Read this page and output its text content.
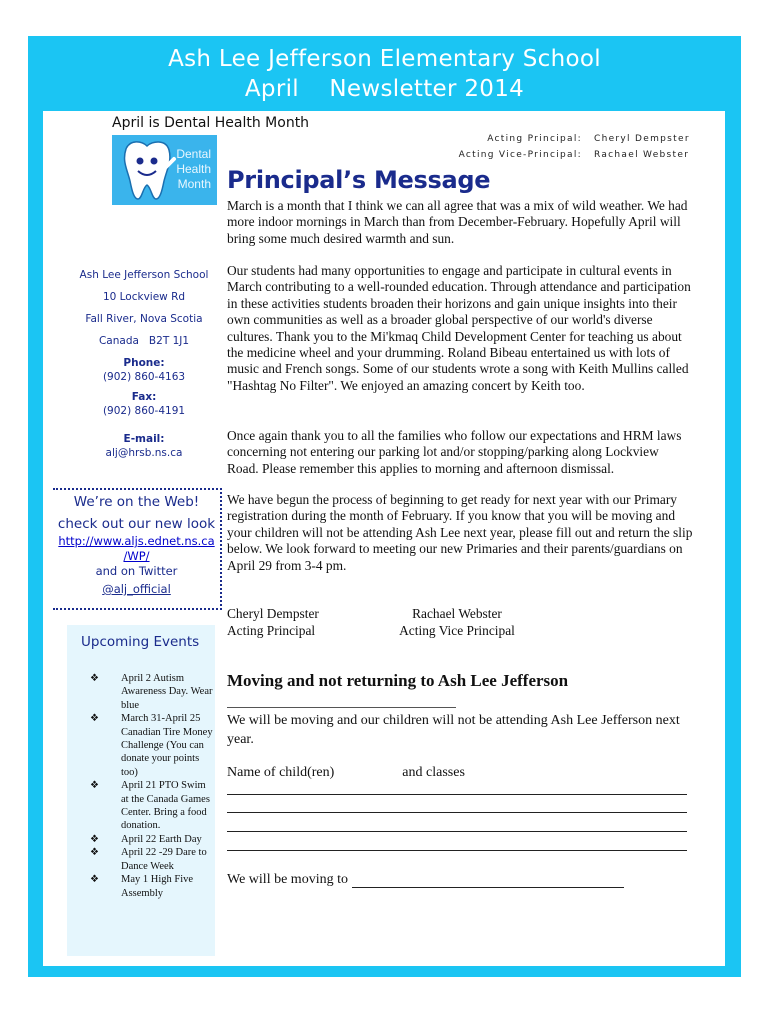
Ash Lee Jefferson Elementary School
April    Newsletter 2014
April is Dental Health Month
Dental
Health
Month
Acting Principal:
Acting Vice-Principal:
Cheryl Dempster
Rachael Webster
Principal’s Message
March is a month that I think we can all agree that was a mix of wild weather. We had more indoor mornings in March than from December-February. Hopefully April will bring some much desired warmth and sun.
Our students had many opportunities to engage and participate in cultural events in March contributing to a well-rounded education. Through attendance and participation in these activities students broaden their horizons and gain unique insights into their own communities as well as a broader global perspective of our world's diverse cultures. Thank you to the Mi'kmaq Child Development Center for teaching us about the medicine wheel and your drumming. Roland Bibeau entertained us with lots of music and French songs. Some of our students wrote a song with Keith Mullins called "Hashtag No Filter". We enjoyed an amazing concert by Keith too.
Once again thank you to all the families who follow our expectations and HRM laws concerning not entering our parking lot and/or stopping/parking along Lockview Road. Please remember this applies to morning and afternoon dismissal.
We have begun the process of beginning to get ready for next year with our Primary registration during the month of February. If you know that you will be moving and your children will not be attending Ash Lee next year, please fill out and return the slip below. We look forward to meeting our new Primaries and their parents/guardians on April 29 from 3-4 pm.
Cheryl Dempster
Acting Principal
Rachael Webster
Acting Vice Principal
Ash Lee Jefferson School
10 Lockview Rd
Fall River, Nova Scotia
Canada   B2T 1J1
Phone:
(902) 860-4163
Fax:
(902) 860-4191
E-mail:
alj@hrsb.ns.ca
We’re on the Web!
check out our new look
http://www.aljs.ednet.ns.ca
/WP/
and on Twitter
@alj_official
Upcoming Events
❖ April 2 Autism Awareness Day. Wear blue
❖ March 31-April 25 Canadian Tire Money Challenge (You can donate your points too)
❖ April 21 PTO Swim at the Canada Games Center. Bring a food donation.
❖ April 22 Earth Day
❖ April 22 -29 Dare to Dance Week
❖ May 1 High Five Assembly
Moving and not returning to Ash Lee Jefferson
We will be moving and our children will not be attending Ash Lee Jefferson next year.
Name of child(ren)	and classes
We will be moving to
